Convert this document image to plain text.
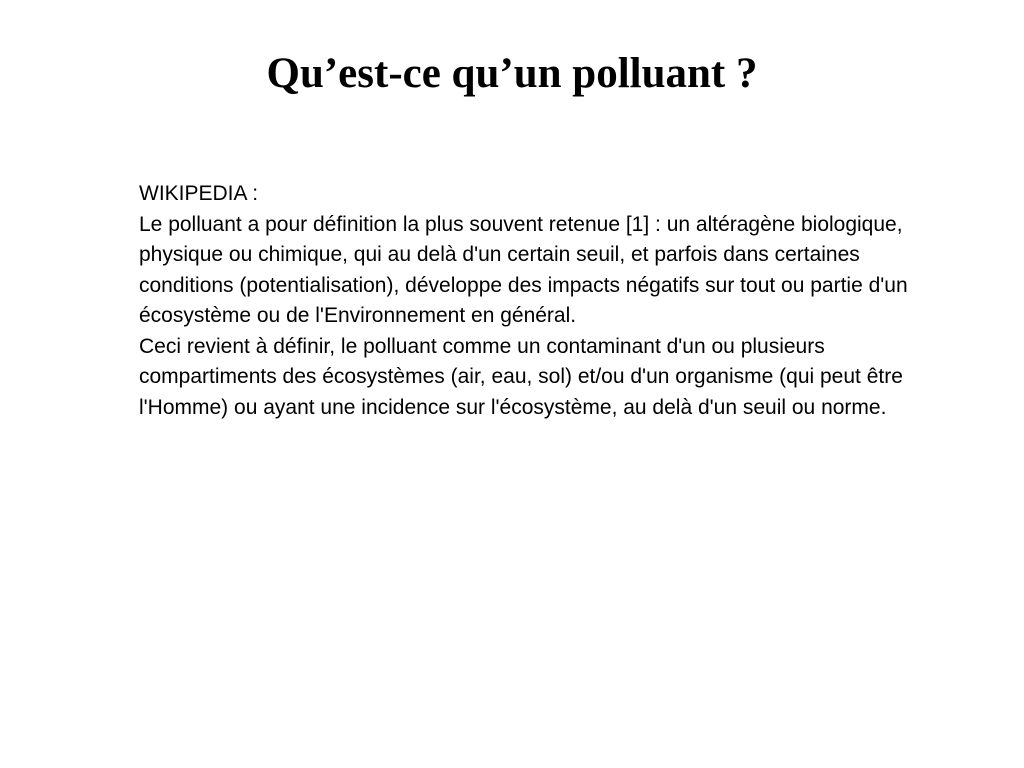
Qu’est-ce qu’un polluant ?

WIKIPEDIA :

Le polluant a pour définition la plus souvent retenue [1] : un altéragène biologique, physique ou chimique, qui au delà d'un certain seuil, et parfois dans certaines conditions (potentialisation), développe des impacts négatifs sur tout ou partie d'un écosystème ou de l'Environnement en général.

Ceci revient à définir, le polluant comme un contaminant d'un ou plusieurs compartiments des écosystèmes (air, eau, sol) et/ou d'un organisme (qui peut être l'Homme) ou ayant une incidence sur l'écosystème, au delà d'un seuil ou norme.
